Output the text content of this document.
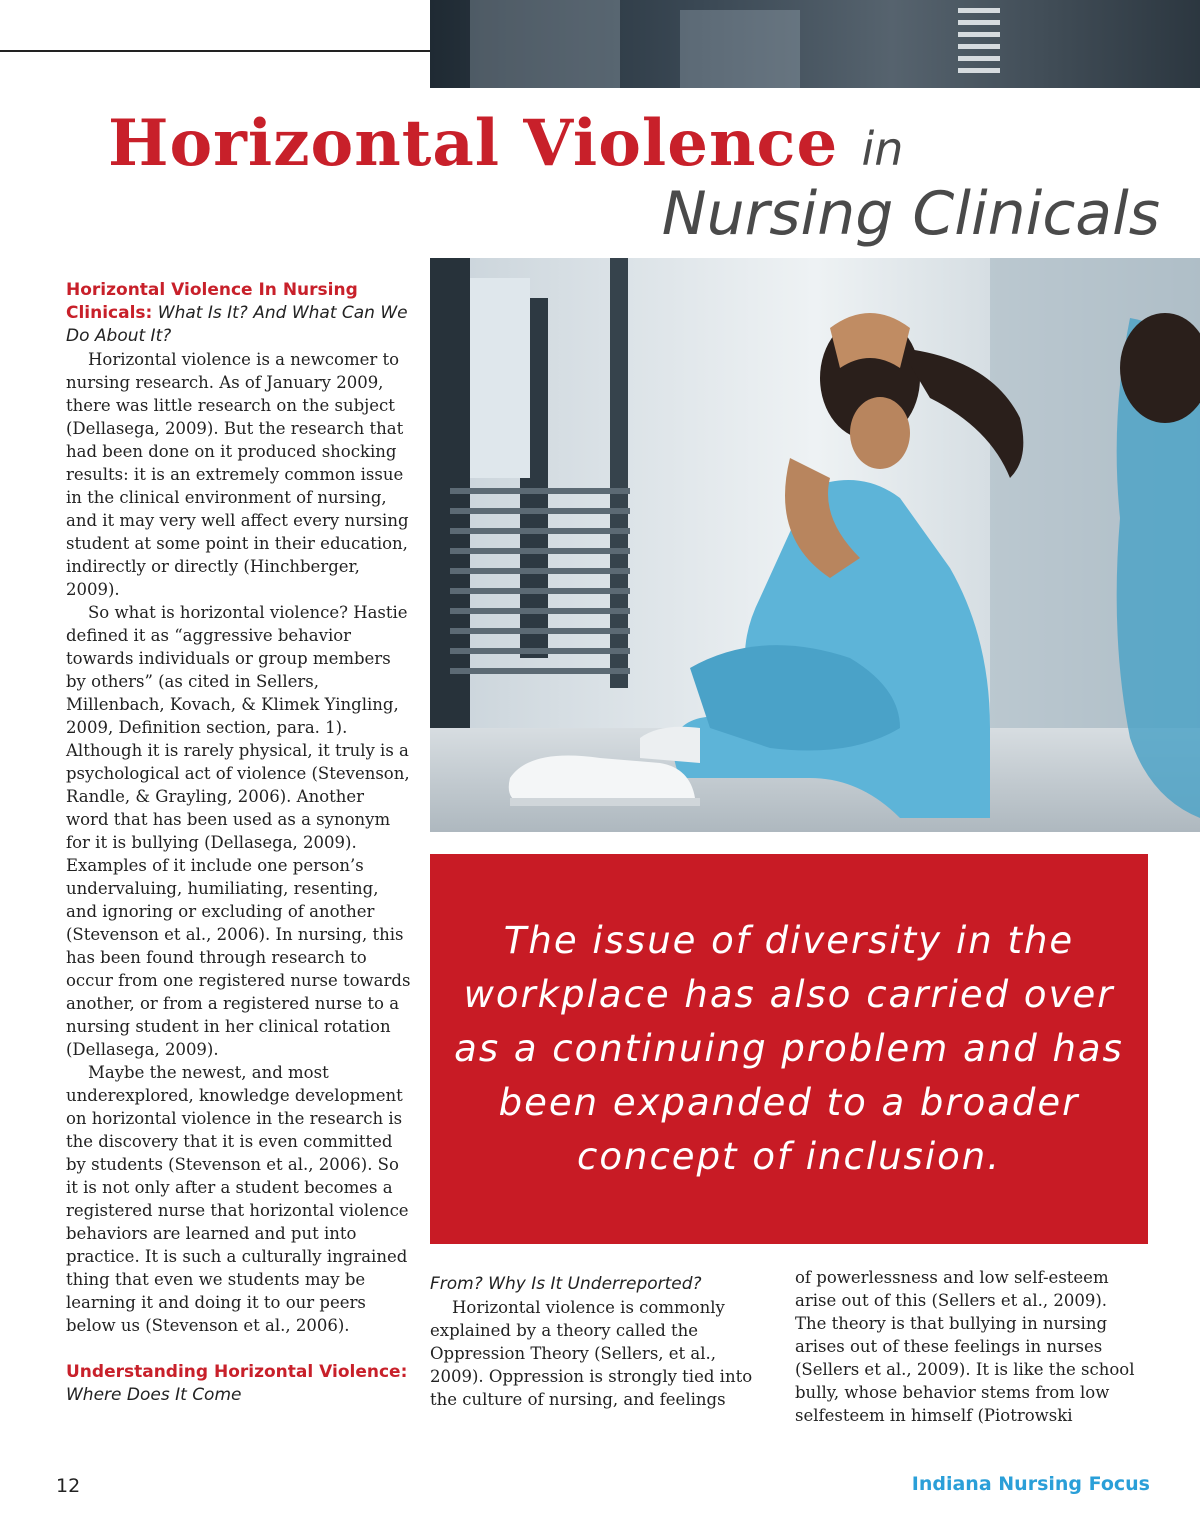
Horizontal Violence in
Nursing Clinicals

The issue of diversity in the workplace has also carried over as a continuing problem and has been expanded to a broader concept of inclusion.

Horizontal Violence In Nursing Clinicals: What Is It? And What Can We Do About It?

Horizontal violence is a newcomer to nursing research. As of January 2009, there was little research on the subject (Dellasega, 2009). But the research that had been done on it produced shocking results: it is an extremely common issue in the clinical environment of nursing, and it may very well affect every nursing student at some point in their education, indirectly or directly (Hinchberger, 2009).

So what is horizontal violence? Hastie defined it as “aggressive behavior towards individuals or group members by others” (as cited in Sellers, Millenbach, Kovach, & Klimek Yingling, 2009, Definition section, para. 1). Although it is rarely physical, it truly is a psychological act of violence (Stevenson, Randle, & Grayling, 2006). Another word that has been used as a synonym for it is bullying (Dellasega, 2009). Examples of it include one person’s undervaluing, humiliating, resenting, and ignoring or excluding of another (Stevenson et al., 2006). In nursing, this has been found through research to occur from one registered nurse towards another, or from a registered nurse to a nursing student in her clinical rotation (Dellasega, 2009).

Maybe the newest, and most underexplored, knowledge development on horizontal violence in the research is the discovery that it is even committed by students (Stevenson et al., 2006). So it is not only after a student becomes a registered nurse that horizontal violence behaviors are learned and put into practice. It is such a culturally ingrained thing that even we students may be learning it and doing it to our peers below us (Stevenson et al., 2006).

Understanding Horizontal Violence: Where Does It Come

From? Why Is It Underreported?

Horizontal violence is commonly explained by a theory called the Oppression Theory (Sellers, et al., 2009). Oppression is strongly tied into the culture of nursing, and feelings

of powerlessness and low self-esteem arise out of this (Sellers et al., 2009). The theory is that bullying in nursing arises out of these feelings in nurses (Sellers et al., 2009). It is like the school bully, whose behavior stems from low selfesteem in himself (Piotrowski

12	Indiana Nursing Focus
